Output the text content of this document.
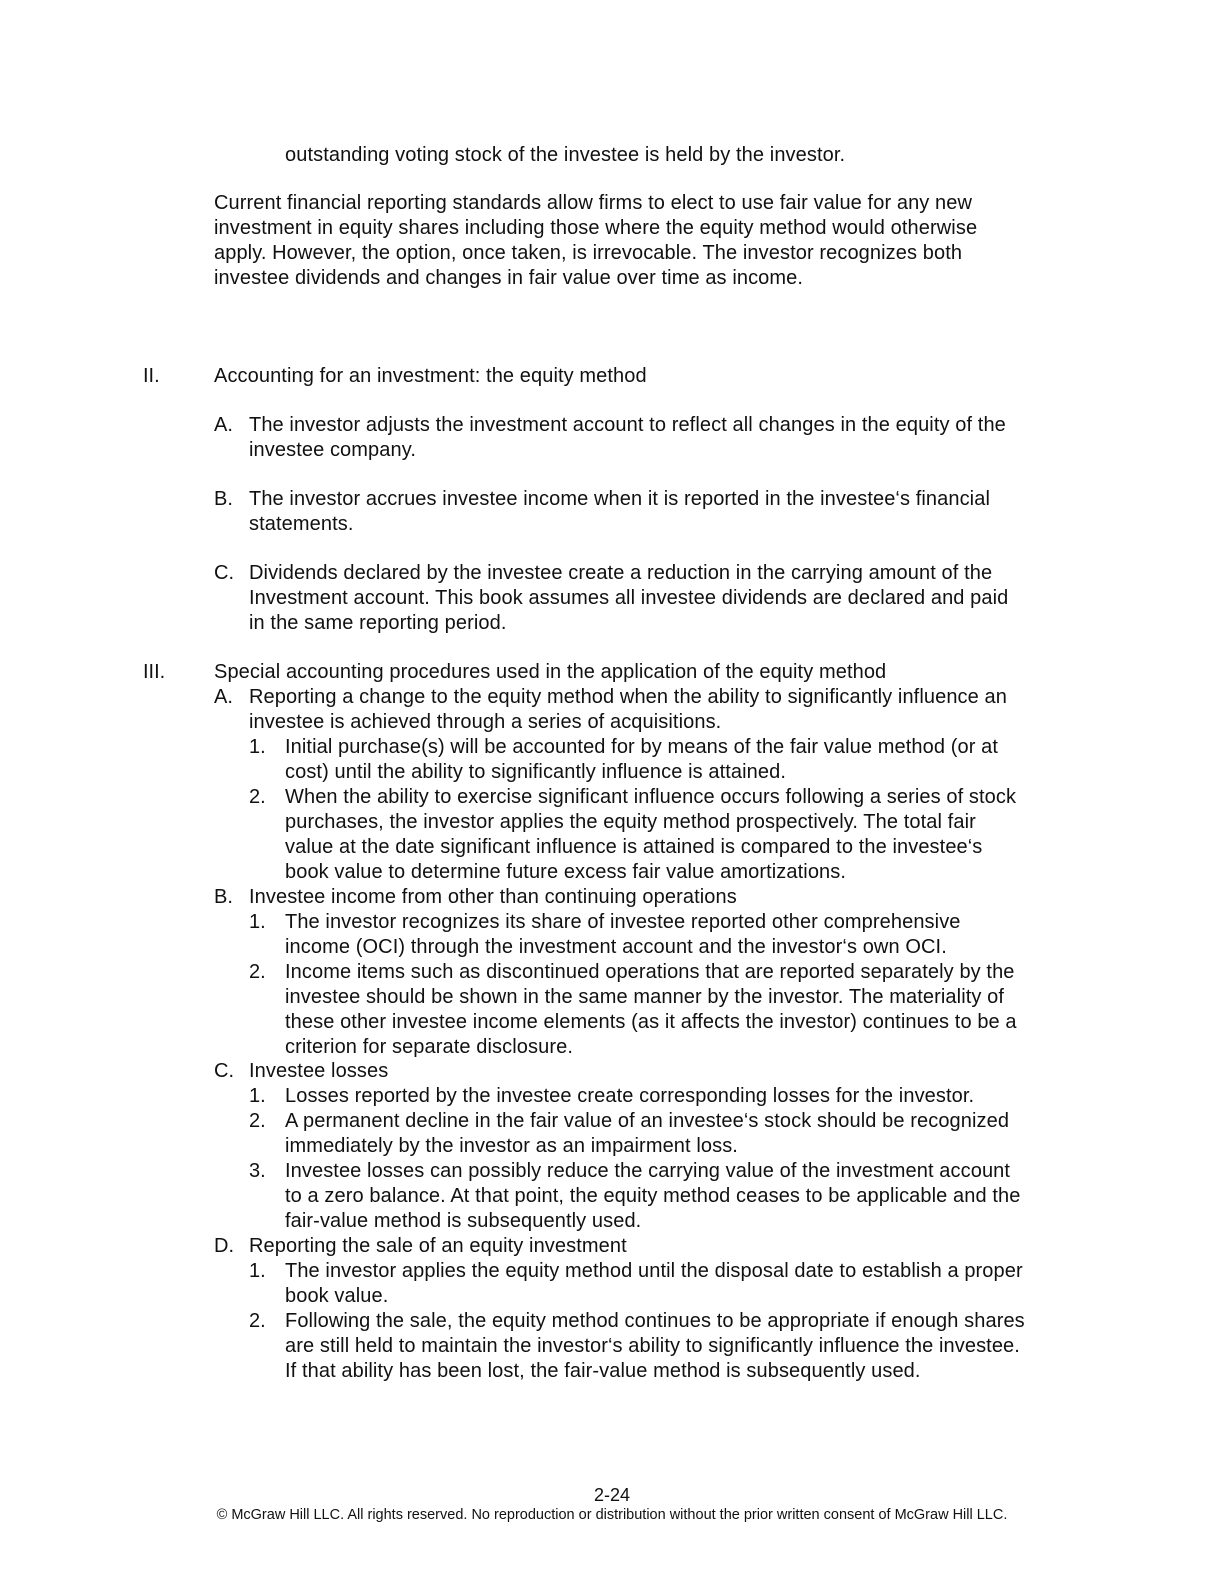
outstanding voting stock of the investee is held by the investor.
Current financial reporting standards allow firms to elect to use fair value for any new
investment in equity shares including those where the equity method would otherwise
apply. However, the option, once taken, is irrevocable. The investor recognizes both
investee dividends and changes in fair value over time as income.
II.	Accounting for an investment: the equity method
A. The investor adjusts the investment account to reflect all changes in the equity of the
investee company.
B. The investor accrues investee income when it is reported in the investee‘s financial
statements.
C. Dividends declared by the investee create a reduction in the carrying amount of the
Investment account. This book assumes all investee dividends are declared and paid
in the same reporting period.
III. Special accounting procedures used in the application of the equity method
A. Reporting a change to the equity method when the ability to significantly influence an
investee is achieved through a series of acquisitions.
1. Initial purchase(s) will be accounted for by means of the fair value method (or at
cost) until the ability to significantly influence is attained.
2. When the ability to exercise significant influence occurs following a series of stock
purchases, the investor applies the equity method prospectively. The total fair
value at the date significant influence is attained is compared to the investee‘s
book value to determine future excess fair value amortizations.
B. Investee income from other than continuing operations
1. The investor recognizes its share of investee reported other comprehensive
income (OCI) through the investment account and the investor‘s own OCI.
2. Income items such as discontinued operations that are reported separately by the
investee should be shown in the same manner by the investor. The materiality of
these other investee income elements (as it affects the investor) continues to be a
criterion for separate disclosure.
C. Investee losses
1. Losses reported by the investee create corresponding losses for the investor.
2. A permanent decline in the fair value of an investee‘s stock should be recognized
immediately by the investor as an impairment loss.
3. Investee losses can possibly reduce the carrying value of the investment account
to a zero balance. At that point, the equity method ceases to be applicable and the
fair-value method is subsequently used.
D. Reporting the sale of an equity investment
1. The investor applies the equity method until the disposal date to establish a proper
book value.
2. Following the sale, the equity method continues to be appropriate if enough shares
are still held to maintain the investor‘s ability to significantly influence the investee.
If that ability has been lost, the fair-value method is subsequently used.
2-24
© McGraw Hill LLC. All rights reserved. No reproduction or distribution without the prior written consent of McGraw Hill LLC.
